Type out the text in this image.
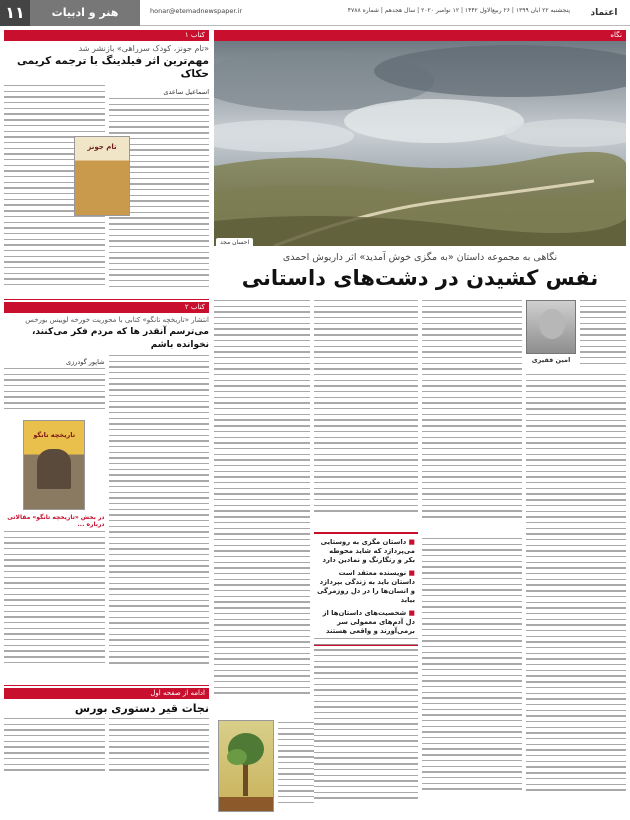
۱۱	هنر و ادبیات	honar@etemadnewspaper.ir	پنجشنبه ۲۲ آبان ۱۳۹۹ | ۲۶ ربیع‌الاول ۱۴۴۲ | ۱۲ نوامبر ۲۰۲۰ | سال هجدهم | شماره ۴۷۸۸	اعتماد
کتاب ۱
«تام جونز، کودک سرراهی» بازنشر شد
مهم‌ترین اثر فیلدینگ با ترجمه کریمی حکاک
اسماعیل ساعدی
تام جونز
کتاب ۲
انتشار «تاریخچه تانگو» کتابی با محوریت خورخه لوییس بورخس
می‌ترسم آنقدر ها که مردم فکر می‌کنند، نخوانده باشم
شاپور گودرزی
تاریخچه تانگو
در بخش «تاریخچه تانگو» مقالاتی درباره ...
ادامه از صفحه اول
نجات قیر دستوری بورس
نگاه
احسان مجد
نگاهی به مجموعه داستان «به مگزی خوش آمدید» اثر داریوش احمدی
نفس کشیدن در دشت‌های داستانی
امین فقیری
■ داستان مگزی به روستایی می‌پردازد که شاید محوطه بکر و رنگارنگ و نمادین دارد
■ نویسنده معتقد است داستان باید به زندگی بپردازد و انسان‌ها را در دل روزمرگی بیابد
■ شخصیت‌های داستان‌ها از دل آدم‌های معمولی سر برمی‌آورند و واقعی هستند
